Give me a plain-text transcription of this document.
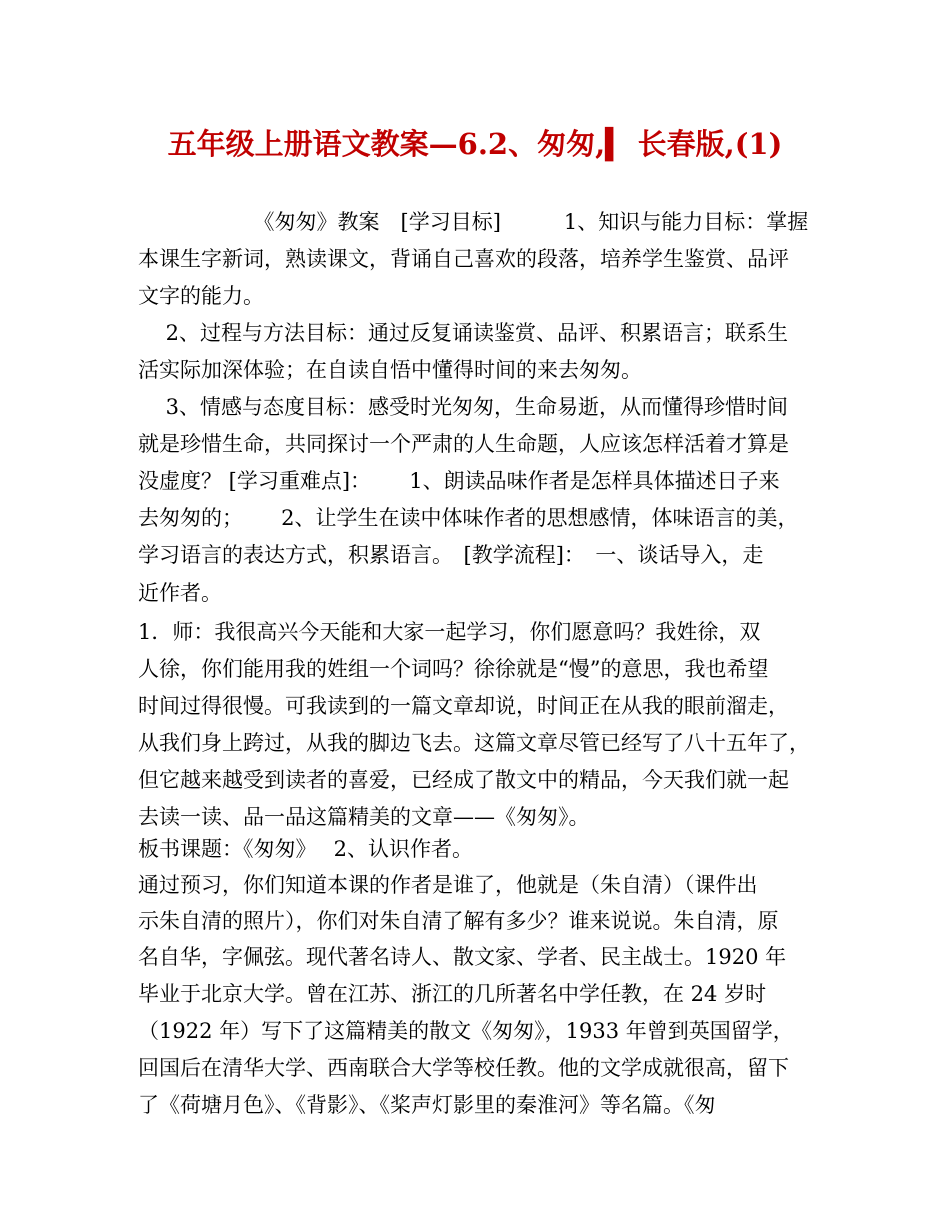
五年级上册语文教案—6.2、匆匆,▍ 长春版,(1)
　　　　　　《匆匆》教案　[学习目标]　　　1、知识与能力目标：掌握
本课生字新词，熟读课文，背诵自己喜欢的段落，培养学生鉴赏、品评
文字的能力。
　 2、过程与方法目标：通过反复诵读鉴赏、品评、积累语言；联系生
活实际加深体验；在自读自悟中懂得时间的来去匆匆。
　 3、情感与态度目标：感受时光匆匆，生命易逝，从而懂得珍惜时间
就是珍惜生命，共同探讨一个严肃的人生命题，人应该怎样活着才算是
没虚度？ [学习重难点]：　　 1、朗读品味作者是怎样具体描述日子来
去匆匆的；　　 2、让学生在读中体味作者的思想感情，体味语言的美，
学习语言的表达方式，积累语言。　[教学流程]：　一、谈话导入，走
近作者。
1．师：我很高兴今天能和大家一起学习，你们愿意吗？我姓徐，双
人徐，你们能用我的姓组一个词吗？徐徐就是“慢”的意思，我也希望
时间过得很慢。可我读到的一篇文章却说，时间正在从我的眼前溜走，
从我们身上跨过，从我的脚边飞去。这篇文章尽管已经写了八十五年了，
但它越来越受到读者的喜爱，已经成了散文中的精品，今天我们就一起
去读一读、品一品这篇精美的文章——《匆匆》。
板书课题：《匆匆》　 2、认识作者。
通过预习，你们知道本课的作者是谁了，他就是（朱自清）（课件出
示朱自清的照片），你们对朱自清了解有多少？谁来说说。朱自清，原
名自华，字佩弦。现代著名诗人、散文家、学者、民主战士。1920 年
毕业于北京大学。曾在江苏、浙江的几所著名中学任教，在 24 岁时
（1922 年）写下了这篇精美的散文《匆匆》，1933 年曾到英国留学，
回国后在清华大学、西南联合大学等校任教。他的文学成就很高，留下
了《荷塘月色》、《背影》、《桨声灯影里的秦淮河》等名篇。《匆
